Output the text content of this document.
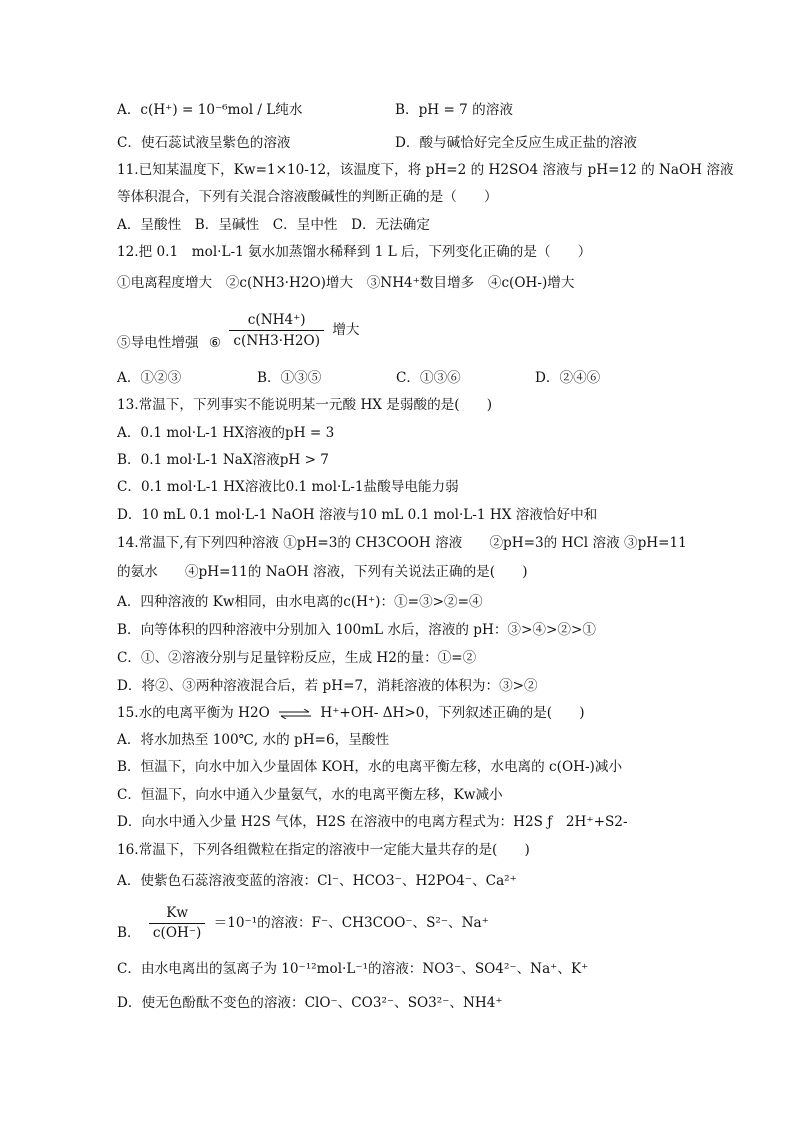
A．c(H⁺) = 10⁻⁶mol / L纯水	B．pH = 7 的溶液
C．使石蕊试液呈紫色的溶液	D．酸与碱恰好完全反应生成正盐的溶液
11.已知某温度下，Kw=1×10-12，该温度下，将 pH=2 的 H2SO4 溶液与 pH=12 的 NaOH 溶液
等体积混合，下列有关混合溶液酸碱性的判断正确的是（　　）
A．呈酸性　B．呈碱性　C．呈中性　D．无法确定
12.把 0.1　mol·L-1 氨水加蒸馏水稀释到 1 L 后，下列变化正确的是（　　）
①电离程度增大　②c(NH3·H2O)增大　③NH4⁺数目增多　④c(OH-)增大
⑤导电性增强 ⑥ $\frac{c(NH4^+)}{c(NH3\cdot H2O)}$ 增大
A．①②③	B．①③⑤	C．①③⑥	D．②④⑥
13.常温下，下列事实不能说明某一元酸 HX 是弱酸的是(　　)
A．0.1 mol·L-1 HX溶液的pH = 3
B．0.1 mol·L-1 NaX溶液pH > 7
C．0.1 mol·L-1 HX溶液比0.1 mol·L-1盐酸导电能力弱
D．10 mL 0.1 mol·L-1 NaOH 溶液与10 mL 0.1 mol·L-1 HX 溶液恰好中和
14.常温下,有下列四种溶液 ①pH=3的 CH3COOH 溶液　　②pH=3的 HCl 溶液 ③pH=11
的氨水　　④pH=11的 NaOH 溶液，下列有关说法正确的是(　　)
A．四种溶液的 Kw相同，由水电离的c(H⁺)：①=③>②=④
B．向等体积的四种溶液中分别加入 100mL 水后，溶液的 pH：③>④>②>①
C．①、②溶液分别与足量锌粉反应，生成 H2的量：①=②
D．将②、③两种溶液混合后，若 pH=7，消耗溶液的体积为：③>②
15.水的电离平衡为 H2O ⇌ H⁺+OH- ΔH>0，下列叙述正确的是(　　)
A．将水加热至 100℃, 水的 pH=6，呈酸性
B．恒温下，向水中加入少量固体 KOH，水的电离平衡左移，水电离的 c(OH-)减小
C．恒温下，向水中通入少量氨气，水的电离平衡左移，Kw减小
D．向水中通入少量 H2S 气体，H2S 在溶液中的电离方程式为：H2S ƒ　2H⁺+S2-
16.常温下，下列各组微粒在指定的溶液中一定能大量共存的是(　　)
A．使紫色石蕊溶液变蓝的溶液：Cl⁻、HCO3⁻、H2PO4⁻、Ca²⁺
B． $\frac{Kw}{c(OH^-)} =10^{-1}$的溶液：F⁻、CH3COO⁻、S²⁻、Na⁺
C．由水电离出的氢离子为 10⁻¹²mol·L⁻¹的溶液：NO3⁻、SO4²⁻、Na⁺、K⁺
D．使无色酚酞不变色的溶液：ClO⁻、CO3²⁻、SO3²⁻、NH4⁺
